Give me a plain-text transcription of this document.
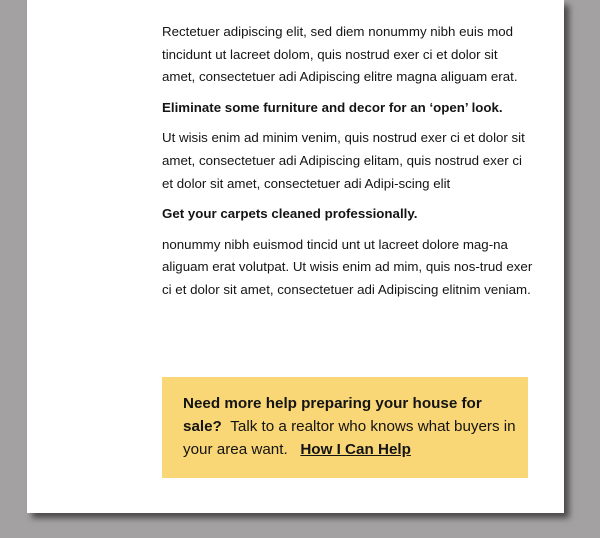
Rectetuer adipiscing elit, sed diem nonummy nibh euis mod tincidunt ut lacreet dolom, quis nostrud exer ci et dolor sit amet, consectetuer adi Adipiscing elitre magna aliguam erat.

Eliminate some furniture and decor for an ‘open’ look.

Ut wisis enim ad minim venim, quis nostrud exer ci et dolor sit amet, consectetuer adi Adipiscing elitam, quis nostrud exer ci et dolor sit amet, consectetuer adi Adipi-scing elit

Get your carpets cleaned professionally.

nonummy nibh euismod tincid unt ut lacreet dolore mag-na aliguam erat volutpat. Ut wisis enim ad mim, quis nos-trud exer ci et dolor sit amet, consectetuer adi Adipiscing elitnim veniam.

Need more help preparing your house for sale?  Talk to a realtor who knows what buyers in your area want.   How I Can Help
